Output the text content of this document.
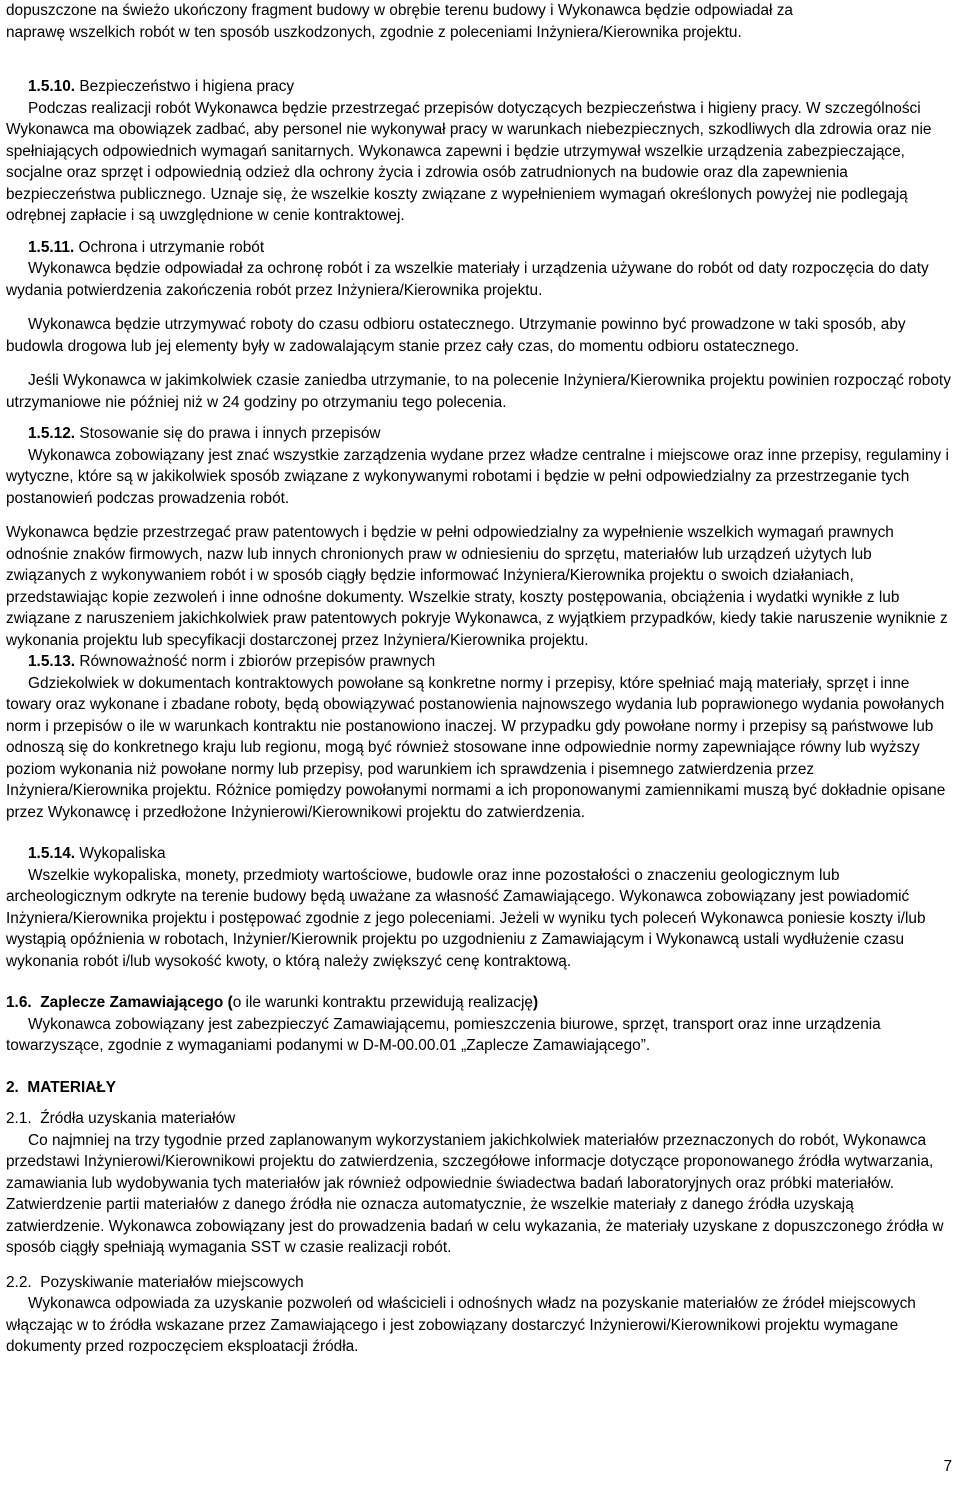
dopuszczone na świeżo ukończony fragment budowy w obrębie terenu budowy i Wykonawca będzie odpowiadał za
naprawę wszelkich robót w ten sposób uszkodzonych, zgodnie z poleceniami Inżyniera/Kierownika projektu.

1.5.10. Bezpieczeństwo i higiena pracy

Podczas realizacji robót Wykonawca będzie przestrzegać przepisów dotyczących bezpieczeństwa i higieny pracy. W szczególności Wykonawca ma obowiązek zadbać, aby personel nie wykonywał pracy w warunkach niebezpiecznych, szkodliwych dla zdrowia oraz nie spełniających odpowiednich wymagań sanitarnych. Wykonawca zapewni i będzie utrzymywał wszelkie urządzenia zabezpieczające, socjalne oraz sprzęt i odpowiednią odzież dla ochrony życia i zdrowia osób zatrudnionych na budowie oraz dla zapewnienia bezpieczeństwa publicznego. Uznaje się, że wszelkie koszty związane z wypełnieniem wymagań określonych powyżej nie podlegają odrębnej zapłacie i są uwzględnione w cenie kontraktowej.

1.5.11. Ochrona i utrzymanie robót

Wykonawca będzie odpowiadał za ochronę robót i za wszelkie materiały i urządzenia używane do robót od daty rozpoczęcia do daty wydania potwierdzenia zakończenia robót przez Inżyniera/Kierownika projektu.

Wykonawca będzie utrzymywać roboty do czasu odbioru ostatecznego. Utrzymanie powinno być prowadzone w taki sposób, aby budowla drogowa lub jej elementy były w zadowalającym stanie przez cały czas, do momentu odbioru ostatecznego.

Jeśli Wykonawca w jakimkolwiek czasie zaniedba utrzymanie, to na polecenie Inżyniera/Kierownika projektu powinien rozpocząć roboty utrzymaniowe nie później niż w 24 godziny po otrzymaniu tego polecenia.

1.5.12. Stosowanie się do prawa i innych przepisów

Wykonawca zobowiązany jest znać wszystkie zarządzenia wydane przez władze centralne i miejscowe oraz inne przepisy, regulaminy i wytyczne, które są w jakikolwiek sposób związane z wykonywanymi robotami i będzie w pełni odpowiedzialny za przestrzeganie tych postanowień podczas prowadzenia robót.

Wykonawca będzie przestrzegać praw patentowych i będzie w pełni odpowiedzialny za wypełnienie wszelkich wymagań prawnych odnośnie znaków firmowych, nazw lub innych chronionych praw w odniesieniu do sprzętu, materiałów lub urządzeń użytych lub związanych z wykonywaniem robót i w sposób ciągły będzie informować Inżyniera/Kierownika projektu o swoich działaniach, przedstawiając kopie zezwoleń i inne odnośne dokumenty. Wszelkie straty, koszty postępowania, obciążenia i wydatki wynikłe z lub związane z naruszeniem jakichkolwiek praw patentowych pokryje Wykonawca, z wyjątkiem przypadków, kiedy takie naruszenie wyniknie z wykonania projektu lub specyfikacji dostarczonej przez Inżyniera/Kierownika projektu.

1.5.13. Równoważność norm i zbiorów przepisów prawnych

Gdziekolwiek w dokumentach kontraktowych powołane są konkretne normy i przepisy, które spełniać mają materiały, sprzęt i inne towary oraz wykonane i zbadane roboty, będą obowiązywać postanowienia najnowszego wydania lub poprawionego wydania powołanych norm i przepisów o ile w warunkach kontraktu nie postanowiono inaczej. W przypadku gdy powołane normy i przepisy są państwowe lub odnoszą się do konkretnego kraju lub regionu, mogą być również stosowane inne odpowiednie normy zapewniające równy lub wyższy poziom wykonania niż powołane normy lub przepisy, pod warunkiem ich sprawdzenia i pisemnego zatwierdzenia przez Inżyniera/Kierownika projektu. Różnice pomiędzy powołanymi normami a ich proponowanymi zamiennikami muszą być dokładnie opisane przez Wykonawcę i przedłożone Inżynierowi/Kierownikowi projektu do zatwierdzenia.

1.5.14. Wykopaliska

Wszelkie wykopaliska, monety, przedmioty wartościowe, budowle oraz inne pozostałości o znaczeniu geologicznym lub archeologicznym odkryte na terenie budowy będą uważane za własność Zamawiającego. Wykonawca zobowiązany jest powiadomić Inżyniera/Kierownika projektu i postępować zgodnie z jego poleceniami. Jeżeli w wyniku tych poleceń Wykonawca poniesie koszty i/lub wystąpią opóźnienia w robotach, Inżynier/Kierownik projektu po uzgodnieniu z Zamawiającym i Wykonawcą ustali wydłużenie czasu wykonania robót i/lub wysokość kwoty, o którą należy zwiększyć cenę kontraktową.

1.6. Zaplecze Zamawiającego (o ile warunki kontraktu przewidują realizację)

Wykonawca zobowiązany jest zabezpieczyć Zamawiającemu, pomieszczenia biurowe, sprzęt, transport oraz inne urządzenia towarzyszące, zgodnie z wymaganiami podanymi w D-M-00.00.01 „Zaplecze Zamawiającego”.

2. MATERIAŁY

2.1. Źródła uzyskania materiałów

Co najmniej na trzy tygodnie przed zaplanowanym wykorzystaniem jakichkolwiek materiałów przeznaczonych do robót, Wykonawca przedstawi Inżynierowi/Kierownikowi projektu do zatwierdzenia, szczegółowe informacje dotyczące proponowanego źródła wytwarzania, zamawiania lub wydobywania tych materiałów jak również odpowiednie świadectwa badań laboratoryjnych oraz próbki materiałów. Zatwierdzenie partii materiałów z danego źródła nie oznacza automatycznie, że wszelkie materiały z danego źródła uzyskają zatwierdzenie. Wykonawca zobowiązany jest do prowadzenia badań w celu wykazania, że materiały uzyskane z dopuszczonego źródła w sposób ciągły spełniają wymagania SST w czasie realizacji robót.

2.2. Pozyskiwanie materiałów miejscowych

Wykonawca odpowiada za uzyskanie pozwoleń od właścicieli i odnośnych władz na pozyskanie materiałów ze źródeł miejscowych włączając w to źródła wskazane przez Zamawiającego i jest zobowiązany dostarczyć Inżynierowi/Kierownikowi projektu wymagane dokumenty przed rozpoczęciem eksploatacji źródła.

7
